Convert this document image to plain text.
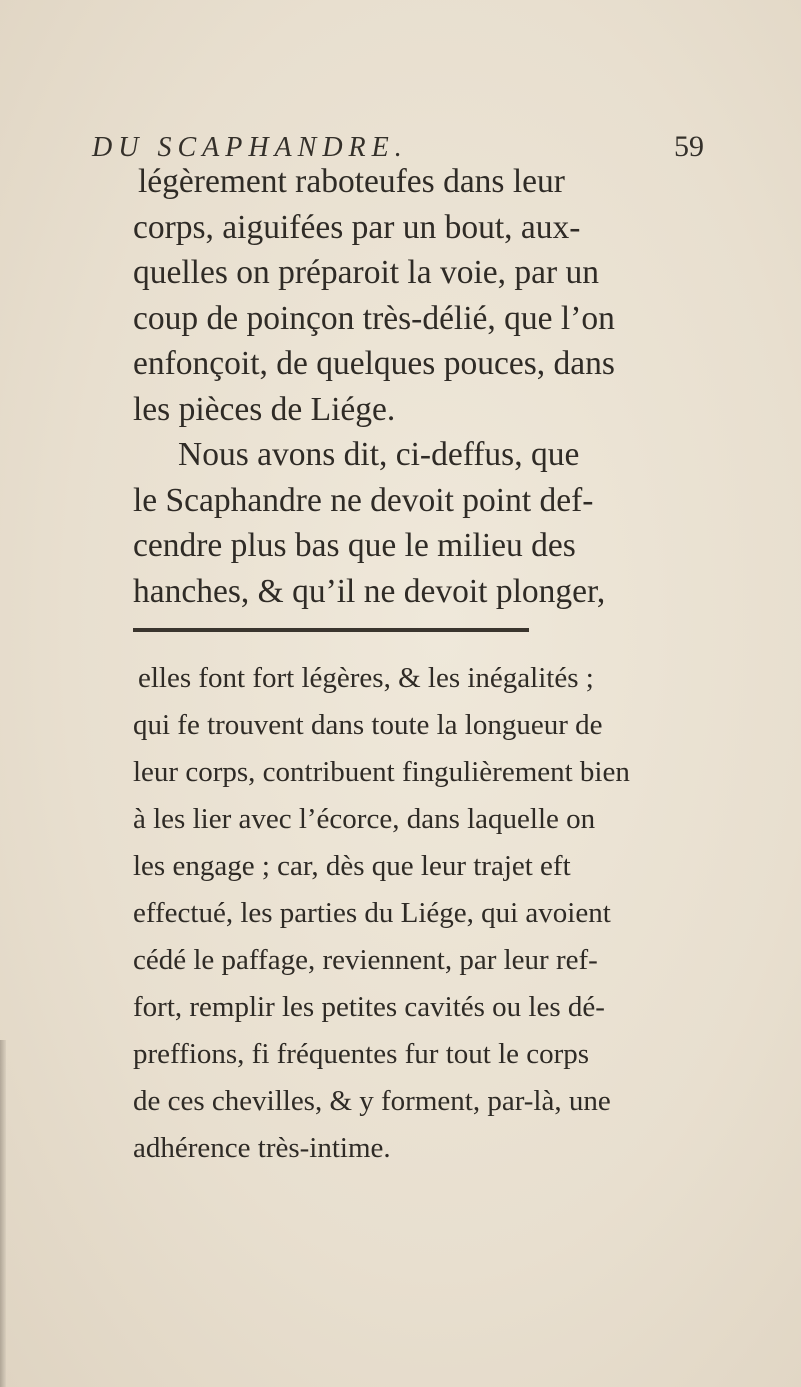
DU SCAPHANDRE.	59
légèrement raboteufes dans leur
corps, aiguifées par un bout, aux-
quelles on préparoit la voie, par un
coup de poinçon très-délié, que l’on
enfonçoit, de quelques pouces, dans
les pièces de Liége.
Nous avons dit, ci-deffus, que
le Scaphandre ne devoit point def-
cendre plus bas que le milieu des
hanches, & qu’il ne devoit plonger,
elles font fort légères, & les inégalités ;
qui fe trouvent dans toute la longueur de
leur corps, contribuent fingulièrement bien
à les lier avec l’écorce, dans laquelle on
les engage ; car, dès que leur trajet eft
effectué, les parties du Liége, qui avoient
cédé le paffage, reviennent, par leur ref-
fort, remplir les petites cavités ou les dé-
preffions, fi fréquentes fur tout le corps
de ces chevilles, & y forment, par-là, une
adhérence très-intime.
